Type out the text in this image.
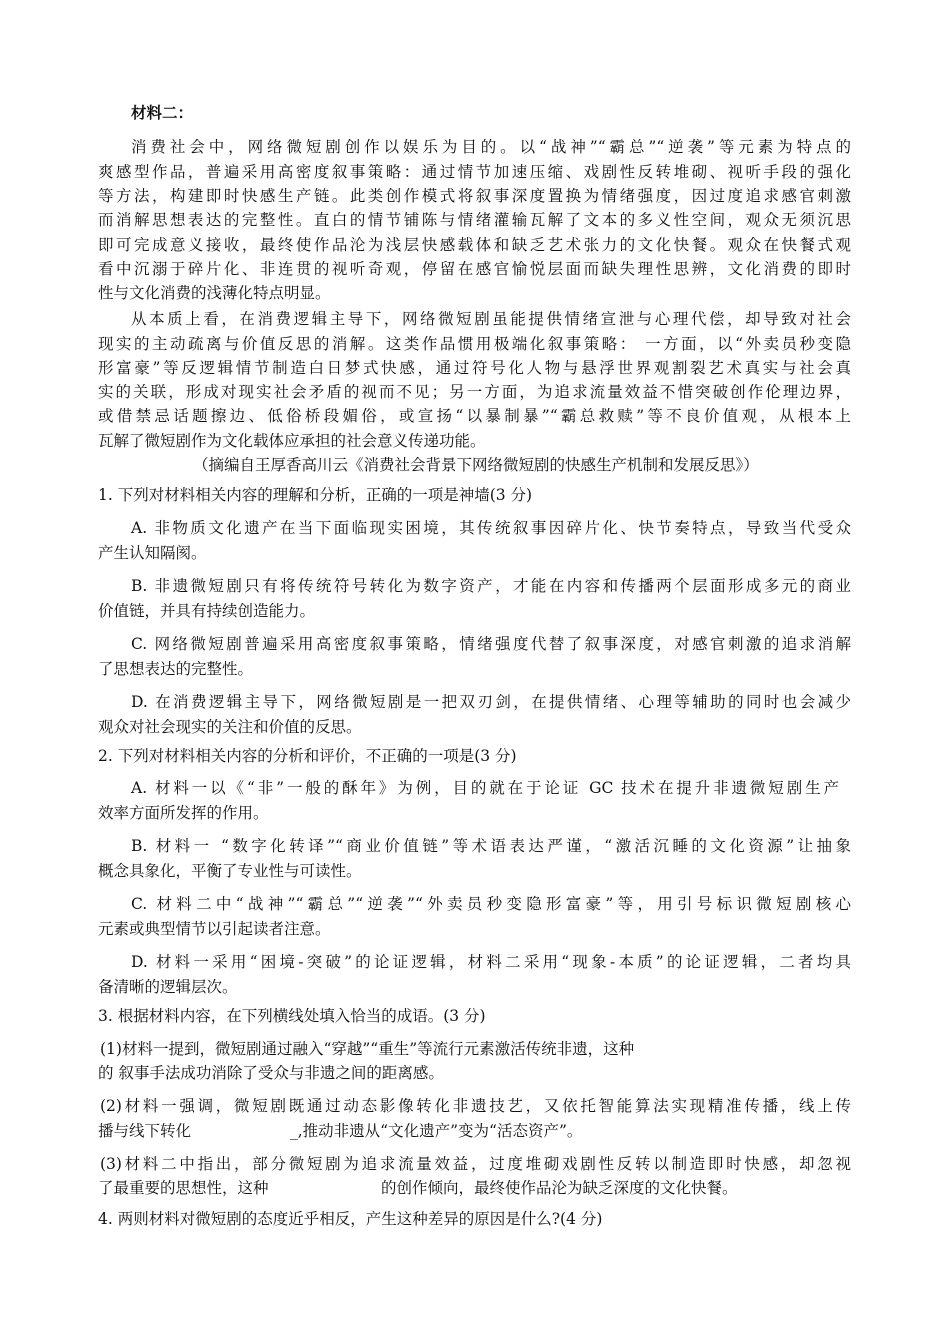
材料二：
消费社会中，网络微短剧创作以娱乐为目的。以“战神”“霸总”“逆袭”等元素为特点的
爽感型作品，普遍采用高密度叙事策略：通过情节加速压缩、戏剧性反转堆砌、视听手段的强化
等方法，构建即时快感生产链。此类创作模式将叙事深度置换为情绪强度，因过度追求感官刺激
而消解思想表达的完整性。直白的情节铺陈与情绪灌输瓦解了文本的多义性空间，观众无须沉思
即可完成意义接收，最终使作品沦为浅层快感载体和缺乏艺术张力的文化快餐。观众在快餐式观
看中沉溺于碎片化、非连贯的视听奇观，停留在感官愉悦层面而缺失理性思辨，文化消费的即时
性与文化消费的浅薄化特点明显。
从本质上看，在消费逻辑主导下，网络微短剧虽能提供情绪宣泄与心理代偿，却导致对社会
现实的主动疏离与价值反思的消解。这类作品惯用极端化叙事策略： 一方面，以“外卖员秒变隐
形富豪”等反逻辑情节制造白日梦式快感，通过符号化人物与悬浮世界观割裂艺术真实与社会真
实的关联，形成对现实社会矛盾的视而不见；另一方面，为追求流量效益不惜突破创作伦理边界，
或借禁忌话题擦边、低俗桥段媚俗，或宣扬“以暴制暴”“霸总救赎”等不良价值观，从根本上
瓦解了微短剧作为文化载体应承担的社会意义传递功能。
（摘编自王厚香高川云《消费社会背景下网络微短剧的快感生产机制和发展反思》）
1. 下列对材料相关内容的理解和分析，正确的一项是神墙(3 分)
A. 非物质文化遗产在当下面临现实困境，其传统叙事因碎片化、快节奏特点，导致当代受众
产生认知隔阂。
B. 非遗微短剧只有将传统符号转化为数字资产，才能在内容和传播两个层面形成多元的商业
价值链，并具有持续创造能力。
C. 网络微短剧普遍采用高密度叙事策略，情绪强度代替了叙事深度，对感官刺激的追求消解
了思想表达的完整性。
D. 在消费逻辑主导下，网络微短剧是一把双刃剑，在提供情绪、心理等辅助的同时也会减少
观众对社会现实的关注和价值的反思。
2. 下列对材料相关内容的分析和评价，不正确的一项是(3 分)
A. 材料一以《“非”一般的酥年》为例，目的就在于论证 GC 技术在提升非遗微短剧生产
效率方面所发挥的作用。
B. 材料一 “数字化转译”“商业价值链”等术语表达严谨，“激活沉睡的文化资源”让抽象
概念具象化，平衡了专业性与可读性。
C. 材料二中“战神”“霸总”“逆袭”“外卖员秒变隐形富豪”等，用引号标识微短剧核心
元素或典型情节以引起读者注意。
D. 材料一采用“困境-突破”的论证逻辑，材料二采用“现象-本质”的论证逻辑，二者均具
备清晰的逻辑层次。
3. 根据材料内容，在下列横线处填入恰当的成语。(3 分)
(1)材料一提到，微短剧通过融入“穿越”“重生”等流行元素激活传统非遗，这种
的 叙事手法成功消除了受众与非遗之间的距离感。
(2)材料一强调，微短剧既通过动态影像转化非遗技艺，又依托智能算法实现精准传播，线上传
播与线下转化	_,推动非遗从“文化遗产”变为“活态资产”。
(3)材料二中指出，部分微短剧为追求流量效益，过度堆砌戏剧性反转以制造即时快感，却忽视
了最重要的思想性，这种	的创作倾向，最终使作品沦为缺乏深度的文化快餐。
4. 两则材料对微短剧的态度近乎相反，产生这种差异的原因是什么?(4 分)
